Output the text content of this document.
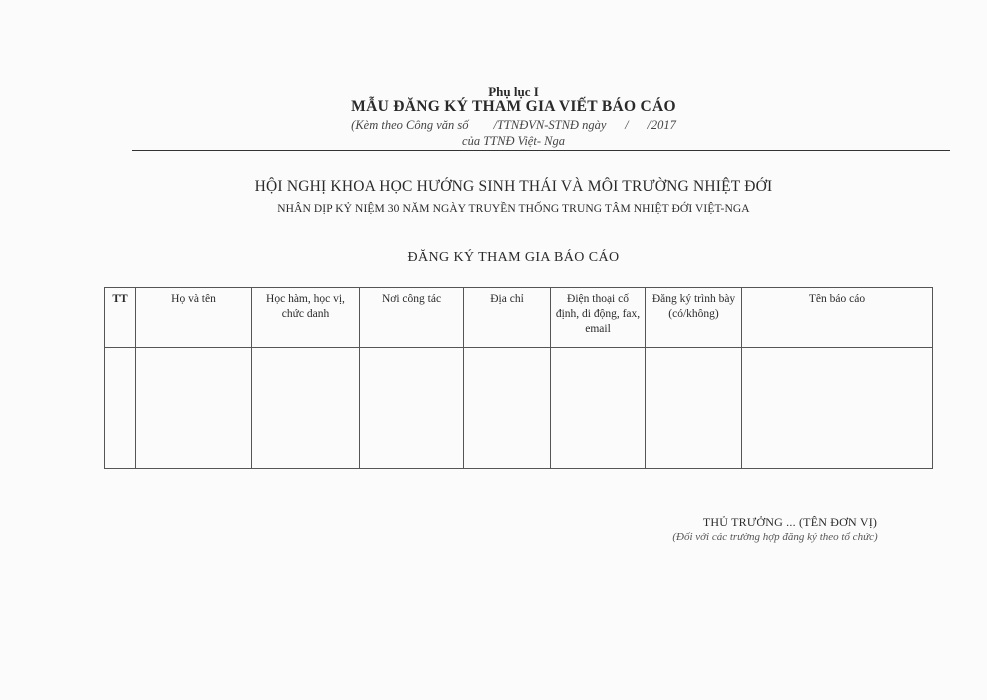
Phụ lục I
MẪU ĐĂNG KÝ THAM GIA VIẾT BÁO CÁO
(Kèm theo Công văn số        /TTNĐVN-STNĐ ngày      /      /2017
của TTNĐ Việt- Nga
HỘI NGHỊ KHOA HỌC HƯỚNG SINH THÁI VÀ MÔI TRƯỜNG NHIỆT ĐỚI
NHÂN DỊP KỶ NIỆM 30 NĂM NGÀY TRUYỀN THỐNG TRUNG TÂM NHIỆT ĐỚI VIỆT-NGA
ĐĂNG KÝ THAM GIA BÁO CÁO
TT	Họ và tên	Học hàm, học vị, chức danh	Nơi công tác	Địa chỉ	Điện thoại cố định, di động, fax, email	Đăng ký trình bày (có/không)	Tên báo cáo

THỦ TRƯỞNG ... (TÊN ĐƠN VỊ)
(Đối với các trường hợp đăng ký theo tổ chức)
